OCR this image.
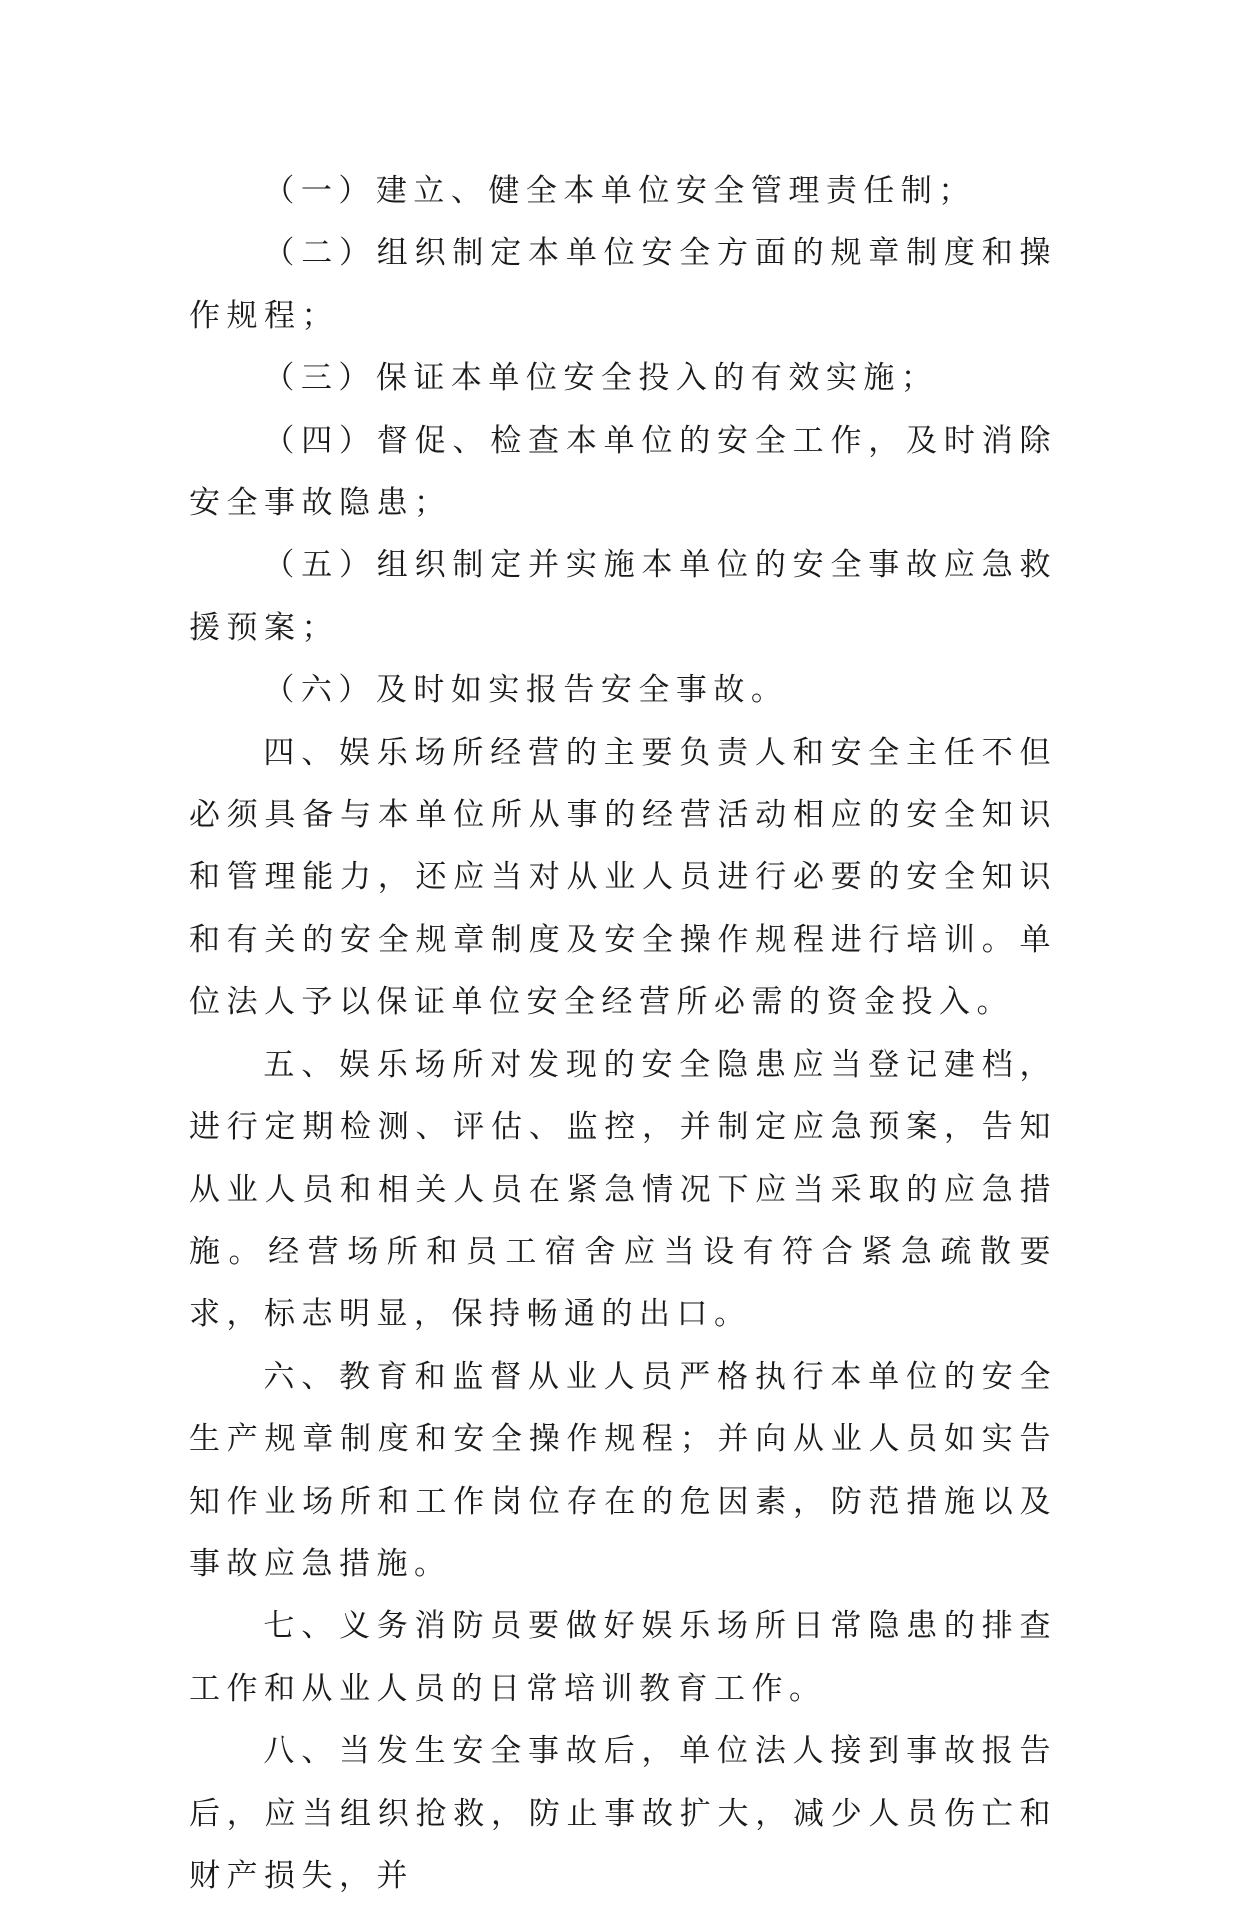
（一）建立、健全本单位安全管理责任制；

（二）组织制定本单位安全方面的规章制度和操作规程；

（三）保证本单位安全投入的有效实施；

（四）督促、检查本单位的安全工作，及时消除安全事故隐患；

（五）组织制定并实施本单位的安全事故应急救援预案；

（六）及时如实报告安全事故。

四、娱乐场所经营的主要负责人和安全主任不但必须具备与本单位所从事的经营活动相应的安全知识和管理能力，还应当对从业人员进行必要的安全知识和有关的安全规章制度及安全操作规程进行培训。单位法人予以保证单位安全经营所必需的资金投入。

五、娱乐场所对发现的安全隐患应当登记建档，进行定期检测、评估、监控，并制定应急预案，告知从业人员和相关人员在紧急情况下应当采取的应急措施。经营场所和员工宿舍应当设有符合紧急疏散要求，标志明显，保持畅通的出口。

六、教育和监督从业人员严格执行本单位的安全生产规章制度和安全操作规程；并向从业人员如实告知作业场所和工作岗位存在的危因素，防范措施以及事故应急措施。

七、义务消防员要做好娱乐场所日常隐患的排查工作和从业人员的日常培训教育工作。

八、当发生安全事故后，单位法人接到事故报告后，应当组织抢救，防止事故扩大，减少人员伤亡和财产损失，并
